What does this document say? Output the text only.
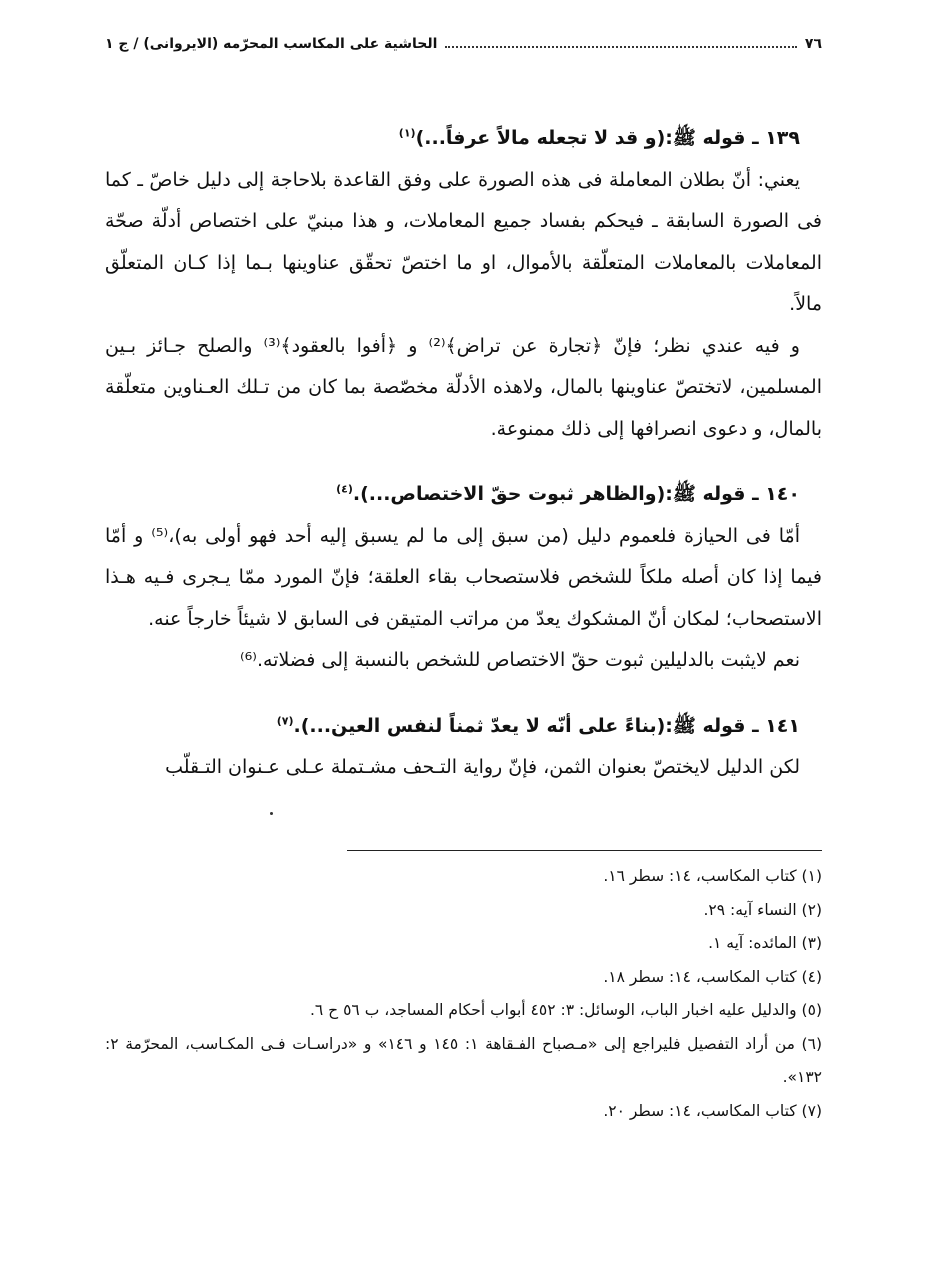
٧٦
الحاشية على المكاسب المحرّمه (الايروانى) / ج ١

١٣٩ ـ قوله ﷺ:(و قد لا تجعله مالاً عرفاً...)$^{(١)}$

يعني: أنّ بطلان المعاملة فى هذه الصورة على وفق القاعدة بلاحاجة إلى دليل خاصّ ـ كما فى الصورة السابقة ـ فيحكم بفساد جميع المعاملات، و هذا مبنيّ على اختصاص أدلّة صحّة المعاملات بالمعاملات المتعلّقة بالأموال، او ما اختصّ تحقّق عناوينها بـما إذا كـان المتعلّق مالاً.

و فيه عندي نظر؛ فإنّ ﴿تجارة عن تراض﴾⁽²⁾ و ﴿أفوا بالعقود﴾⁽³⁾ والصلح جـائز بـين المسلمين، لاتختصّ عناوينها بالمال، ولاهذه الأدلّة مخصّصة بما كان من تـلك العـناوين متعلّقة بالمال، و دعوى انصرافها إلى ذلك ممنوعة.

١٤٠ ـ قوله ﷺ:(والظاهر ثبوت حقّ الاختصاص...).$^{(٤)}$

أمّا فى الحيازة فلعموم دليل (من سبق إلى ما لم يسبق إليه أحد فهو أولى به)،⁽⁵⁾ و أمّا فيما إذا كان أصله ملكاً للشخص فلاستصحاب بقاء العلقة؛ فإنّ المورد ممّا يـجرى فـيه هـذا الاستصحاب؛ لمكان أنّ المشكوك يعدّ من مراتب المتيقن فى السابق لا شيئاً خارجاً عنه.

نعم لايثبت بالدليلين ثبوت حقّ الاختصاص للشخص بالنسبة إلى فضلاته.⁽⁶⁾

١٤١ ـ قوله ﷺ:(بناءً على أنّه لا يعدّ ثمناً لنفس العين...).$^{(٧)}$

لكن الدليل لايختصّ بعنوان الثمن، فإنّ رواية التـحف مشـتملة عـلى عـنوان التـقلّب

(١) كتاب المكاسب، ١٤: سطر ١٦.
(٢) النساء آيه: ٢٩.
(٣) المائده: آيه ١.
(٤) كتاب المكاسب، ١٤: سطر ١٨.
(٥) والدليل عليه اخبار الباب، الوسائل: ٣: ٤٥٢ أبواب أحكام المساجد، ب ٥٦ ح ٦.
(٦) من أراد التفصيل فليراجع إلى «مـصباح الفـقاهة ١: ١٤٥ و ١٤٦» و «دراسـات فـى المكـاسب، المحرّمة ٢: ١٣٢».
(٧) كتاب المكاسب، ١٤: سطر ٢٠.
